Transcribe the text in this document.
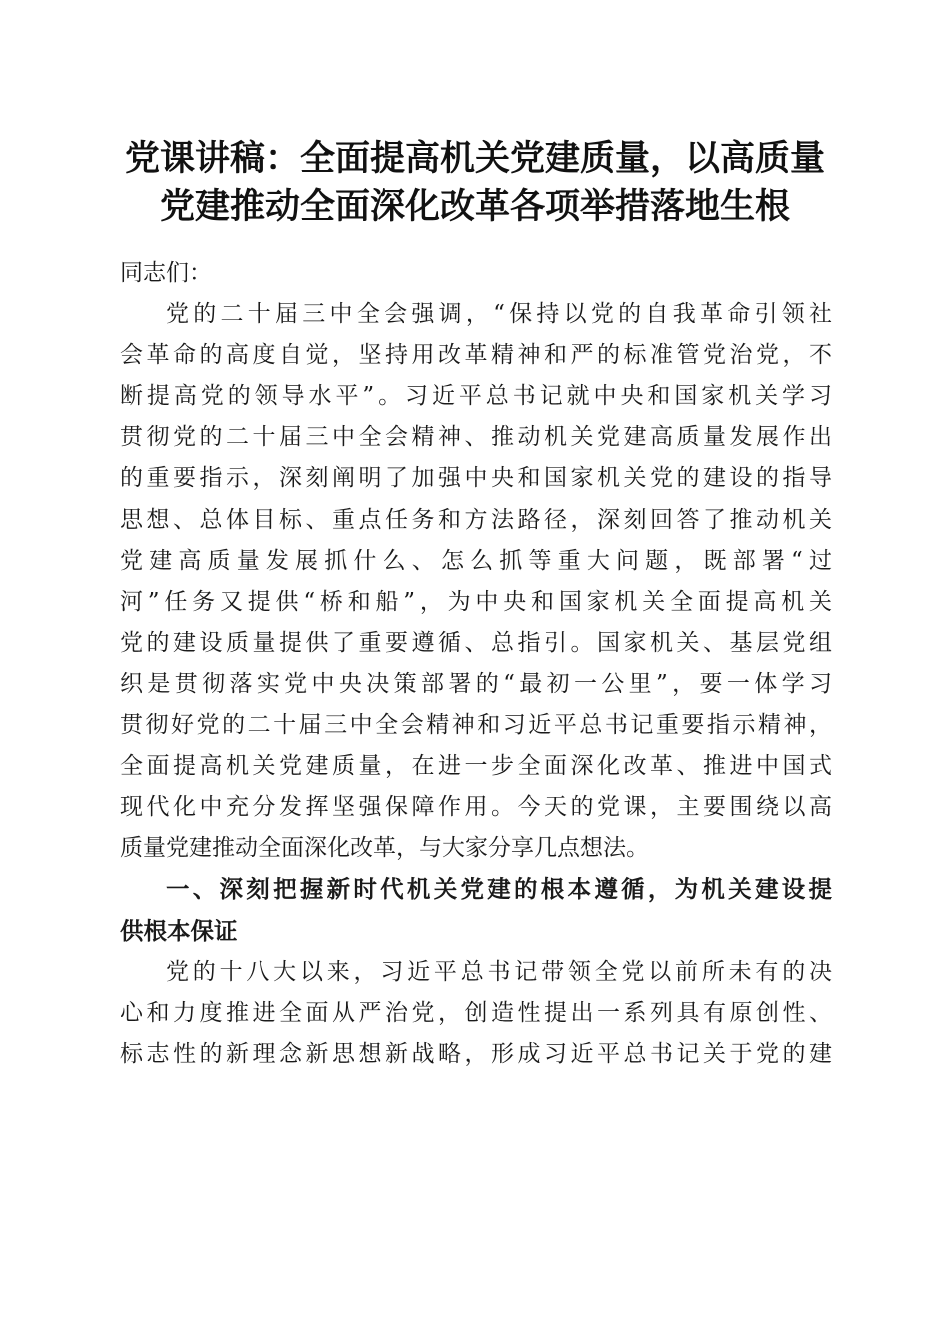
党课讲稿：全面提高机关党建质量，以高质量
党建推动全面深化改革各项举措落地生根
同志们：
党的二十届三中全会强调，“保持以党的自我革命引领社
会革命的高度自觉，坚持用改革精神和严的标准管党治党，不
断提高党的领导水平”。习近平总书记就中央和国家机关学习
贯彻党的二十届三中全会精神、推动机关党建高质量发展作出
的重要指示，深刻阐明了加强中央和国家机关党的建设的指导
思想、总体目标、重点任务和方法路径，深刻回答了推动机关
党建高质量发展抓什么、怎么抓等重大问题，既部署“过
河”任务又提供“桥和船”，为中央和国家机关全面提高机关
党的建设质量提供了重要遵循、总指引。国家机关、基层党组
织是贯彻落实党中央决策部署的“最初一公里”，要一体学习
贯彻好党的二十届三中全会精神和习近平总书记重要指示精神，
全面提高机关党建质量，在进一步全面深化改革、推进中国式
现代化中充分发挥坚强保障作用。今天的党课，主要围绕以高
质量党建推动全面深化改革，与大家分享几点想法。
一、深刻把握新时代机关党建的根本遵循，为机关建设提
供根本保证
党的十八大以来，习近平总书记带领全党以前所未有的决
心和力度推进全面从严治党，创造性提出一系列具有原创性、
标志性的新理念新思想新战略，形成习近平总书记关于党的建
